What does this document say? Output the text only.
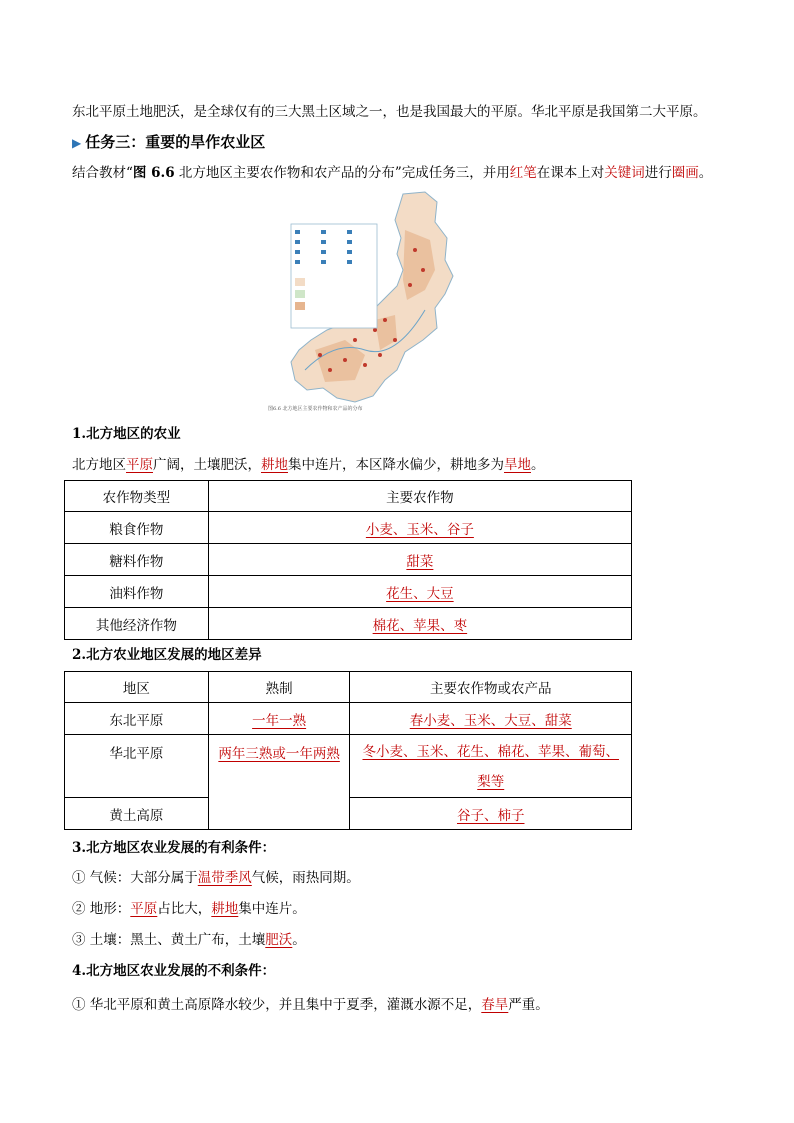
东北平原土地肥沃，是全球仅有的三大黑土区域之一，也是我国最大的平原。华北平原是我国第二大平原。
▶ 任务三：重要的旱作农业区
结合教材“图 6.6 北方地区主要农作物和农产品的分布”完成任务三，并用红笔在课本上对关键词进行圈画。
图6.6 北方地区主要农作物和农产品的分布
1.北方地区的农业
北方地区平原广阔，土壤肥沃，耕地集中连片，本区降水偏少，耕地多为旱地。
农作物类型	主要农作物
粮食作物	小麦、玉米、谷子
糖料作物	甜菜
油料作物	花生、大豆
其他经济作物	棉花、苹果、枣
2.北方农业地区发展的地区差异
地区	熟制	主要农作物或农产品
东北平原	一年一熟	春小麦、玉米、大豆、甜菜
华北平原	两年三熟或一年两熟	冬小麦、玉米、花生、棉花、苹果、葡萄、
梨等
黄土高原		谷子、柿子
3.北方地区农业发展的有利条件：
① 气候：大部分属于温带季风气候，雨热同期。
② 地形：平原占比大，耕地集中连片。
③ 土壤：黑土、黄土广布，土壤肥沃。
4.北方地区农业发展的不利条件：
① 华北平原和黄土高原降水较少，并且集中于夏季，灌溉水源不足，春旱严重。
